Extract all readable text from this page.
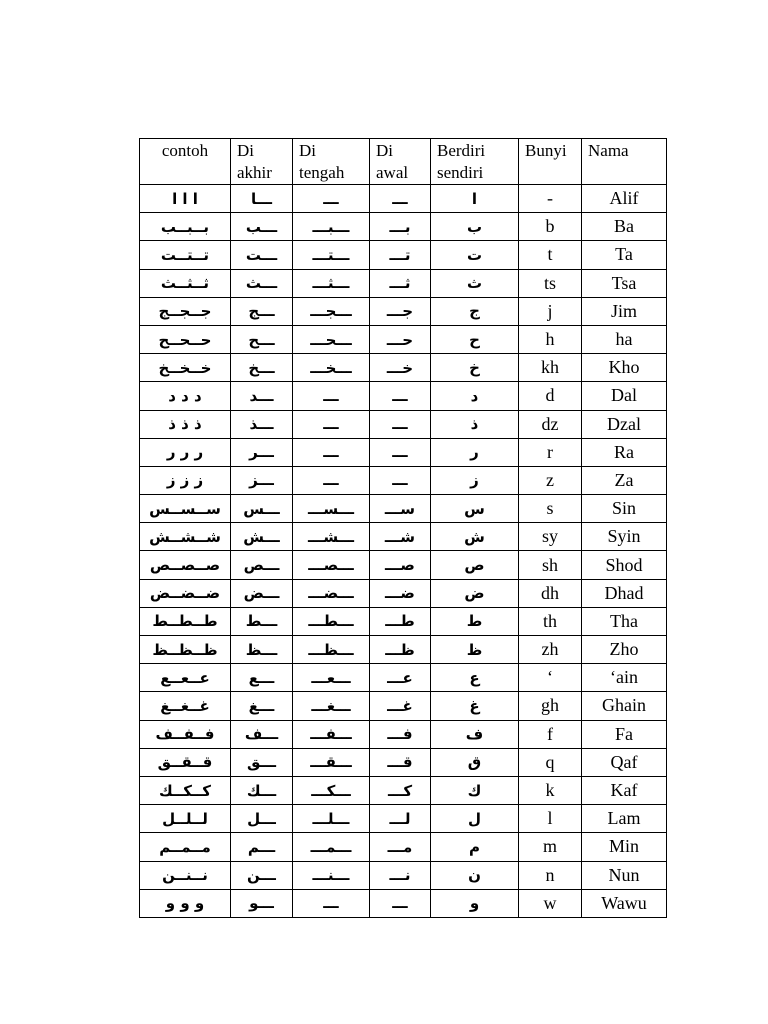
contoh	Di akhir	Di tengah	Di awal	Berdiri sendiri	Bunyi	Nama
ا ا ا	ـــا	ـــ	ـــ	ا	-	Alif
بــبــب	ـــب	ـــبـــ	بـــ	ب	b	Ba
تــتــت	ـــت	ـــتـــ	تـــ	ت	t	Ta
ثــثــث	ـــث	ـــثـــ	ثـــ	ث	ts	Tsa
جــجــج	ـــج	ـــجـــ	جـــ	ج	j	Jim
حــحــح	ـــح	ـــحـــ	حـــ	ح	h	ha
خــخــخ	ـــخ	ـــخـــ	خـــ	خ	kh	Kho
د د د	ـــد	ـــ	ـــ	د	d	Dal
ذ ذ ذ	ـــذ	ـــ	ـــ	ذ	dz	Dzal
ر ر ر	ـــر	ـــ	ـــ	ر	r	Ra
ز ز ز	ـــز	ـــ	ـــ	ز	z	Za
ســســس	ـــس	ـــســـ	ســـ	س	s	Sin
شــشــش	ـــش	ـــشـــ	شـــ	ش	sy	Syin
صــصــص	ـــص	ـــصـــ	صـــ	ص	sh	Shod
ضــضــض	ـــض	ـــضـــ	ضـــ	ض	dh	Dhad
طــطــط	ـــط	ـــطـــ	طـــ	ط	th	Tha
ظــظــظ	ـــظ	ـــظـــ	ظـــ	ظ	zh	Zho
عــعــع	ـــع	ـــعـــ	عـــ	ع	‘	‘ain
غــغــغ	ـــغ	ـــغـــ	غـــ	غ	gh	Ghain
فــفــف	ـــف	ـــفـــ	فـــ	ف	f	Fa
قــقــق	ـــق	ـــقـــ	قـــ	ق	q	Qaf
كــكــك	ـــك	ـــكـــ	كـــ	ك	k	Kaf
لــلــل	ـــل	ـــلـــ	لـــ	ل	l	Lam
مــمــم	ـــم	ـــمـــ	مـــ	م	m	Min
نــنــن	ـــن	ـــنـــ	نـــ	ن	n	Nun
و و و	ـــو	ـــ	ـــ	و	w	Wawu
